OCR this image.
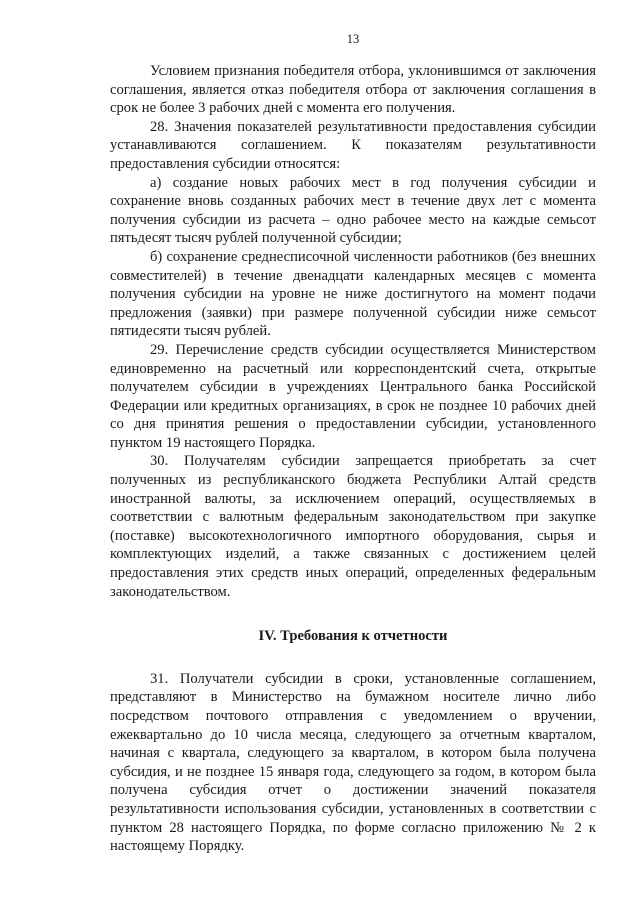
13

Условием признания победителя отбора, уклонившимся от заключения соглашения, является отказ победителя отбора от заключения соглашения в срок не более 3 рабочих дней с момента его получения.

28. Значения показателей результативности предоставления субсидии устанавливаются соглашением. К показателям результативности предоставления субсидии относятся:

а) создание новых рабочих мест в год получения субсидии и сохранение вновь созданных рабочих мест в течение двух лет с момента получения субсидии из расчета – одно рабочее место на каждые семьсот пятьдесят тысяч рублей полученной субсидии;

б) сохранение среднесписочной численности работников (без внешних совместителей) в течение двенадцати календарных месяцев с момента получения субсидии на уровне не ниже достигнутого на момент подачи предложения (заявки) при размере полученной субсидии ниже семьсот пятидесяти тысяч рублей.

29. Перечисление средств субсидии осуществляется Министерством единовременно на расчетный или корреспондентский счета, открытые получателем субсидии в учреждениях Центрального банка Российской Федерации или кредитных организациях, в срок не позднее 10 рабочих дней со дня принятия решения о предоставлении субсидии, установленного пунктом 19 настоящего Порядка.

30. Получателям субсидии запрещается приобретать за счет полученных из республиканского бюджета Республики Алтай средств иностранной валюты, за исключением операций, осуществляемых в соответствии с валютным федеральным законодательством при закупке (поставке) высокотехнологичного импортного оборудования, сырья и комплектующих изделий, а также связанных с достижением целей предоставления этих средств иных операций, определенных федеральным законодательством.

IV. Требования к отчетности

31. Получатели субсидии в сроки, установленные соглашением, представляют в Министерство на бумажном носителе лично либо посредством почтового отправления с уведомлением о вручении, ежеквартально до 10 числа месяца, следующего за отчетным кварталом, начиная с квартала, следующего за кварталом, в котором была получена субсидия, и не позднее 15 января года, следующего за годом, в котором была получена субсидия отчет о достижении значений показателя результативности использования субсидии, установленных в соответствии с пунктом 28 настоящего Порядка, по форме согласно приложению № 2 к настоящему Порядку.
